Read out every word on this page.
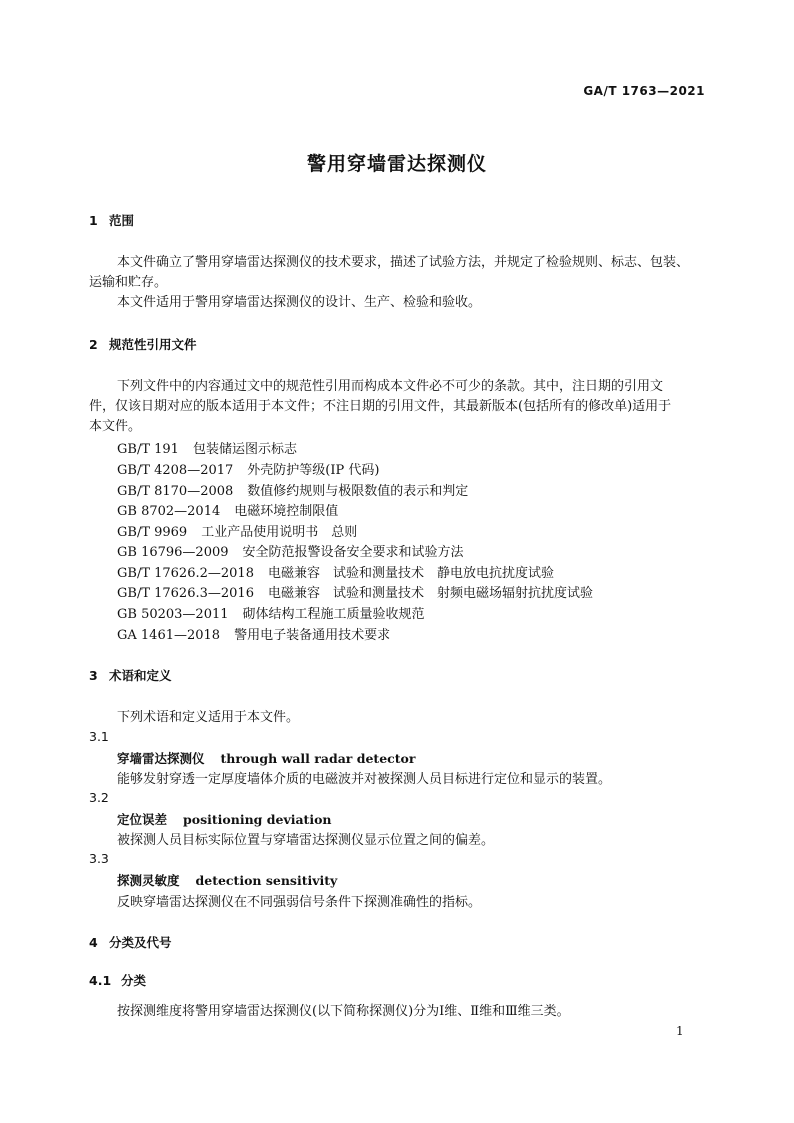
GA/T 1763—2021
警用穿墙雷达探测仪
1 范围
本文件确立了警用穿墙雷达探测仪的技术要求，描述了试验方法，并规定了检验规则、标志、包装、
运输和贮存。
本文件适用于警用穿墙雷达探测仪的设计、生产、检验和验收。
2 规范性引用文件
下列文件中的内容通过文中的规范性引用而构成本文件必不可少的条款。其中，注日期的引用文
件，仅该日期对应的版本适用于本文件；不注日期的引用文件，其最新版本(包括所有的修改单)适用于
本文件。
GB/T 191 包装储运图示标志
GB/T 4208—2017 外壳防护等级(IP 代码)
GB/T 8170—2008 数值修约规则与极限数值的表示和判定
GB 8702—2014 电磁环境控制限值
GB/T 9969 工业产品使用说明书　总则
GB 16796—2009 安全防范报警设备安全要求和试验方法
GB/T 17626.2—2018 电磁兼容　试验和测量技术　静电放电抗扰度试验
GB/T 17626.3—2016 电磁兼容　试验和测量技术　射频电磁场辐射抗扰度试验
GB 50203—2011 砌体结构工程施工质量验收规范
GA 1461—2018 警用电子装备通用技术要求
3 术语和定义
下列术语和定义适用于本文件。
3.1
穿墙雷达探测仪 through wall radar detector
能够发射穿透一定厚度墙体介质的电磁波并对被探测人员目标进行定位和显示的装置。
3.2
定位误差 positioning deviation
被探测人员目标实际位置与穿墙雷达探测仪显示位置之间的偏差。
3.3
探测灵敏度 detection sensitivity
反映穿墙雷达探测仪在不同强弱信号条件下探测准确性的指标。
4 分类及代号
4.1 分类
按探测维度将警用穿墙雷达探测仪(以下简称探测仪)分为Ⅰ维、Ⅱ维和Ⅲ维三类。
1
